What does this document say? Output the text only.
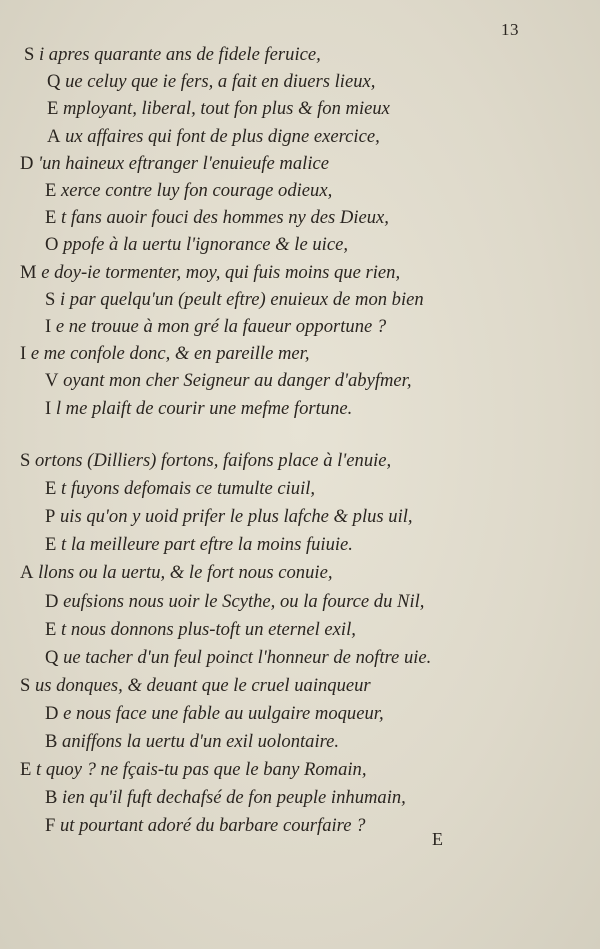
13
S i apres quarante ans de fidele feruice,
Q ue celuy que ie fers, a fait en diuers lieux,
E mployant, liberal, tout fon plus & fon mieux
A ux affaires qui font de plus digne exercice,
D 'un haineux eftranger l'enuieufe malice
E xerce contre luy fon courage odieux,
E t fans auoir fouci des hommes ny des Dieux,
O ppofe à la uertu l'ignorance & le uice,
M e doy-ie tormenter, moy, qui fuis moins que rien,
S i par quelqu'un (peult eftre) enuieux de mon bien
I e ne trouue à mon gré la faueur opportune ?
I e me confole donc, & en pareille mer,
V oyant mon cher Seigneur au danger d'abyfmer,
I l me plaift de courir une mefme fortune.
S ortons (Dilliers) fortons, faifons place à l'enuie,
E t fuyons defomais ce tumulte ciuil,
P uis qu'on y uoid prifer le plus lafche & plus uil,
E t la meilleure part eftre la moins fuiuie.
A llons ou la uertu, & le fort nous conuie,
D eufsions nous uoir le Scythe, ou la fource du Nil,
E t nous donnons plus-toft un eternel exil,
Q ue tacher d'un feul poinct l'honneur de noftre uie.
S us donques, & deuant que le cruel uainqueur
D e nous face une fable au uulgaire moqueur,
B aniffons la uertu d'un exil uolontaire.
E t quoy ? ne fçais-tu pas que le bany Romain,
B ien qu'il fuft dechafsé de fon peuple inhumain,
F ut pourtant adoré du barbare courfaire ?
E
